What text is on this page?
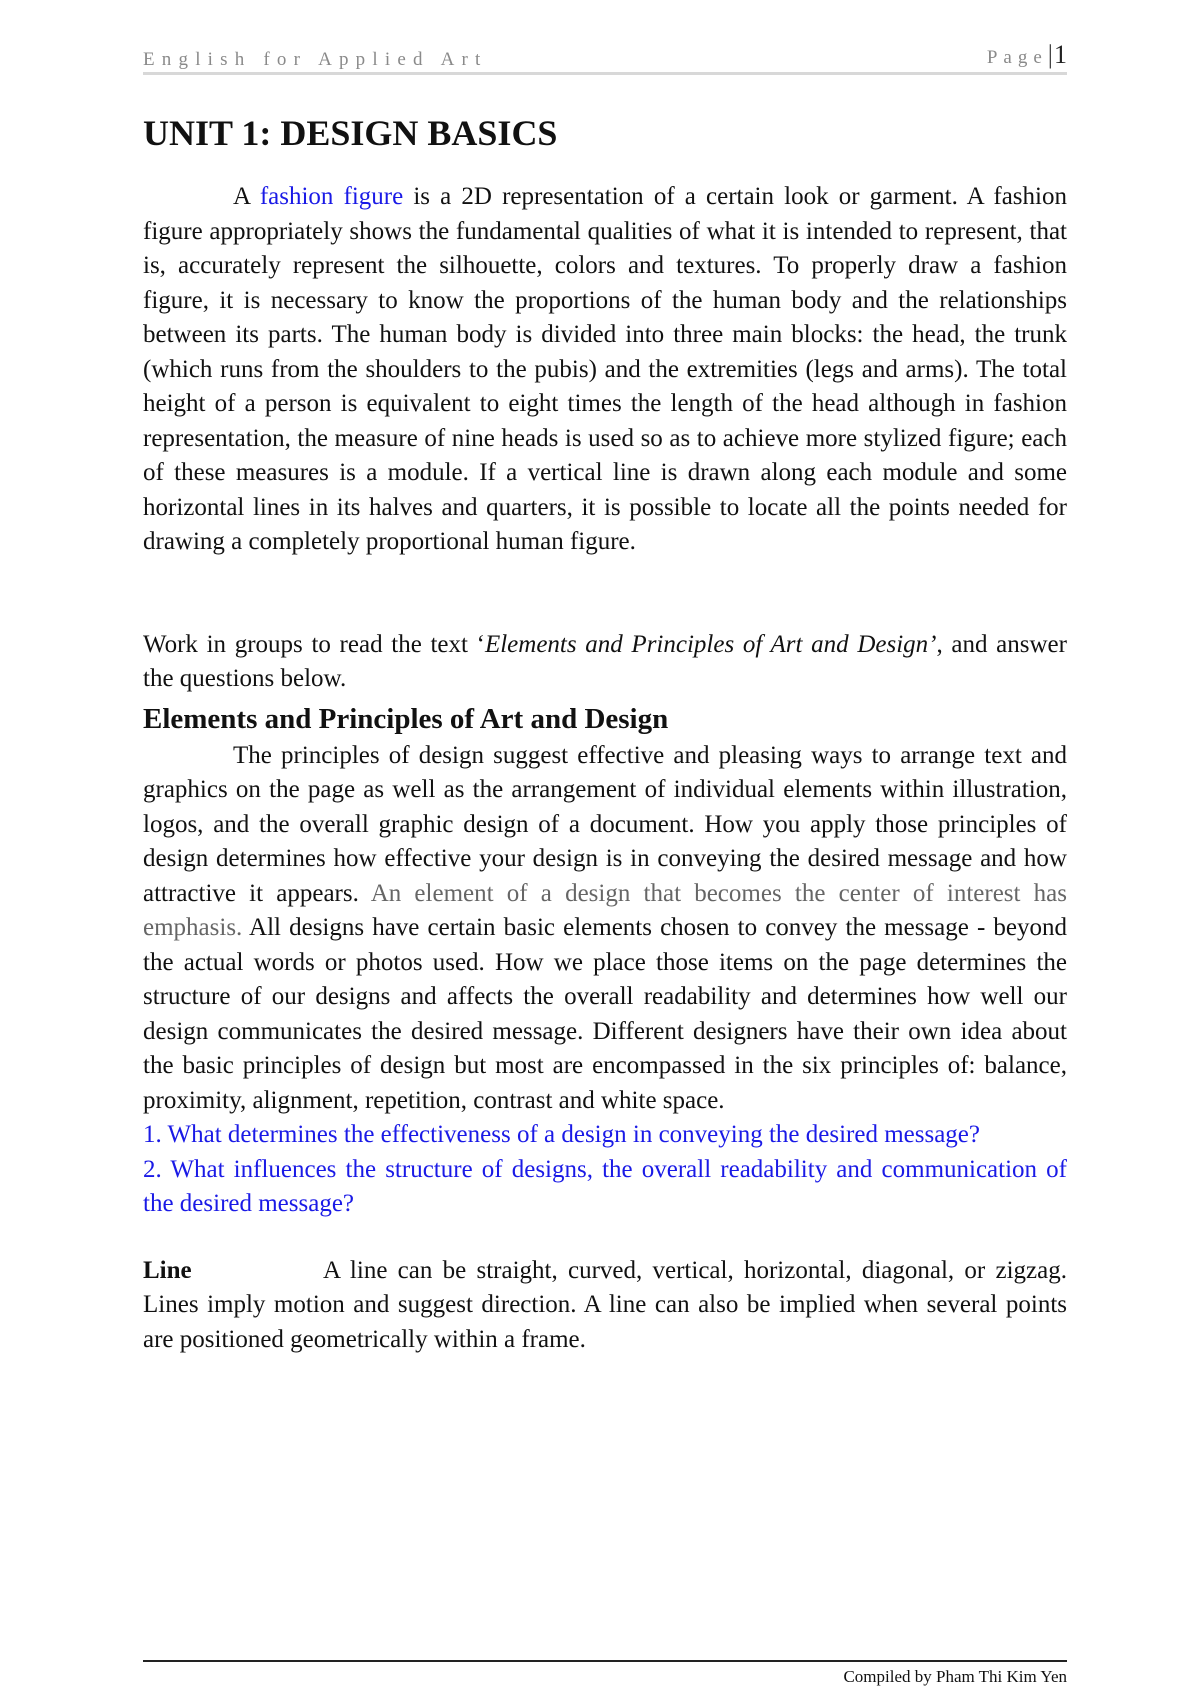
English for Applied Art	Page|1
UNIT 1: DESIGN BASICS

A fashion figure is a 2D representation of a certain look or garment. A fashion figure appropriately shows the fundamental qualities of what it is intended to represent, that is, accurately represent the silhouette, colors and textures. To properly draw a fashion figure, it is necessary to know the proportions of the human body and the relationships between its parts. The human body is divided into three main blocks: the head, the trunk (which runs from the shoulders to the pubis) and the extremities (legs and arms). The total height of a person is equivalent to eight times the length of the head although in fashion representation, the measure of nine heads is used so as to achieve more stylized figure; each of these measures is a module. If a vertical line is drawn along each module and some horizontal lines in its halves and quarters, it is possible to locate all the points needed for drawing a completely proportional human figure.

Work in groups to read the text ‘Elements and Principles of Art and Design’, and answer the questions below.

Elements and Principles of Art and Design

The principles of design suggest effective and pleasing ways to arrange text and graphics on the page as well as the arrangement of individual elements within illustration, logos, and the overall graphic design of a document. How you apply those principles of design determines how effective your design is in conveying the desired message and how attractive it appears. An element of a design that becomes the center of interest has emphasis. All designs have certain basic elements chosen to convey the message - beyond the actual words or photos used. How we place those items on the page determines the structure of our designs and affects the overall readability and determines how well our design communicates the desired message. Different designers have their own idea about the basic principles of design but most are encompassed in the six principles of: balance, proximity, alignment, repetition, contrast and white space.

1. What determines the effectiveness of a design in conveying the desired message?

2. What influences the structure of designs, the overall readability and communication of the desired message?

Line	A line can be straight, curved, vertical, horizontal, diagonal, or zigzag. Lines imply motion and suggest direction. A line can also be implied when several points are positioned geometrically within a frame.

Compiled by Pham Thi Kim Yen
